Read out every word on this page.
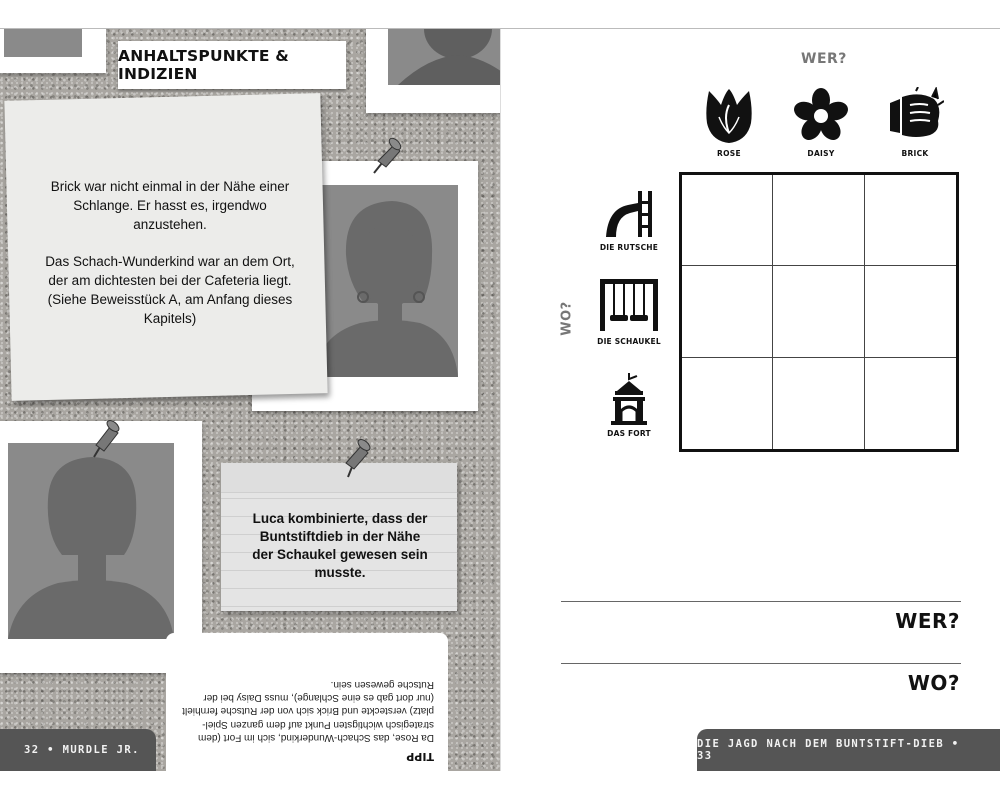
ANHALTSPUNKTE & INDIZIEN

Brick war nicht einmal in der Nähe einer Schlange. Er hasst es, irgendwo anzustehen.

Das Schach-Wunderkind war an dem Ort, der am dichtesten bei der Cafeteria liegt. (Siehe Beweisstück A, am Anfang dieses Kapitels)

Luca kombinierte, dass der Buntstiftdieb in der Nähe der Schaukel gewesen sein musste.
TIPP
Da Rose, das Schach-Wunderkind, sich im Fort (dem strategisch wichtigsten Punkt auf dem ganzen Spiel-platz) versteckte und Brick sich von der Rutsche fernhielt (nur dort gab es eine Schlange), muss Daisy bei der Rutsche gewesen sein.
32 • MURDLE JR.
WER?
ROSE	DAISY	BRICK
WO?
DIE RUTSCHE
DIE SCHAUKEL
DAS FORT
WER?
WO?
DIE JAGD NACH DEM BUNTSTIFT-DIEB • 33
